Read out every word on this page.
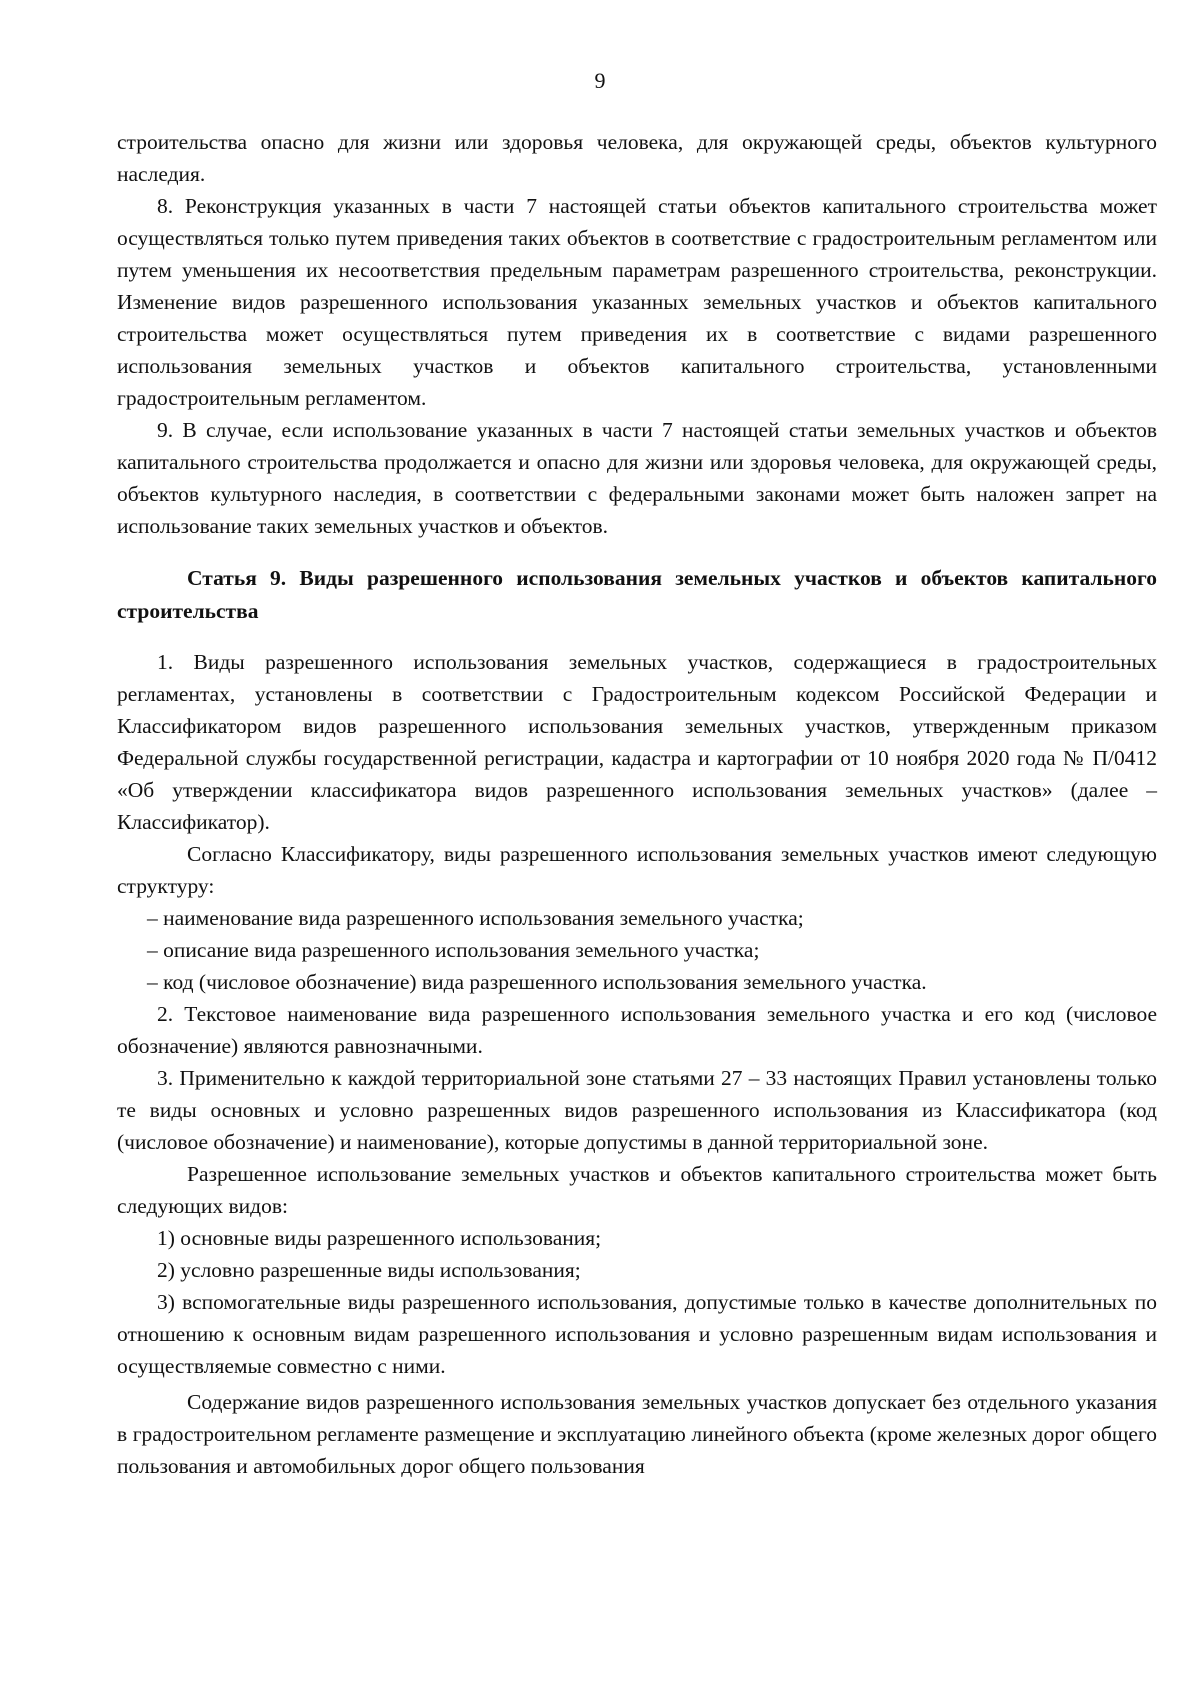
9

строительства опасно для жизни или здоровья человека, для окружающей среды, объектов культурного наследия.

8. Реконструкция указанных в части 7 настоящей статьи объектов капитального строительства может осуществляться только путем приведения таких объектов в соответствие с градостроительным регламентом или путем уменьшения их несоответствия предельным параметрам разрешенного строительства, реконструкции. Изменение видов разрешенного использования указанных земельных участков и объектов капитального строительства может осуществляться путем приведения их в соответствие с видами разрешенного использования земельных участков и объектов капитального строительства, установленными градостроительным регламентом.

9. В случае, если использование указанных в части 7 настоящей статьи земельных участков и объектов капитального строительства продолжается и опасно для жизни или здоровья человека, для окружающей среды, объектов культурного наследия, в соответствии с федеральными законами может быть наложен запрет на использование таких земельных участков и объектов.

Статья 9. Виды разрешенного использования земельных участков и объектов капитального строительства

1. Виды разрешенного использования земельных участков, содержащиеся в градостроительных регламентах, установлены в соответствии с Градостроительным кодексом Российской Федерации и Классификатором видов разрешенного использования земельных участков, утвержденным приказом Федеральной службы государственной регистрации, кадастра и картографии от 10 ноября 2020 года № П/0412 «Об утверждении классификатора видов разрешенного использования земельных участков» (далее – Классификатор).

Согласно Классификатору, виды разрешенного использования земельных участков имеют следующую структуру:

– наименование вида разрешенного использования земельного участка;

– описание вида разрешенного использования земельного участка;

– код (числовое обозначение) вида разрешенного использования земельного участка.

2. Текстовое наименование вида разрешенного использования земельного участка и его код (числовое обозначение) являются равнозначными.

3. Применительно к каждой территориальной зоне статьями 27 – 33 настоящих Правил установлены только те виды основных и условно разрешенных видов разрешенного использования из Классификатора (код (числовое обозначение) и наименование), которые допустимы в данной территориальной зоне.

Разрешенное использование земельных участков и объектов капитального строительства может быть следующих видов:

1) основные виды разрешенного использования;

2) условно разрешенные виды использования;

3) вспомогательные виды разрешенного использования, допустимые только в качестве дополнительных по отношению к основным видам разрешенного использования и условно разрешенным видам использования и осуществляемые совместно с ними.

Содержание видов разрешенного использования земельных участков допускает без отдельного указания в градостроительном регламенте размещение и эксплуатацию линейного объекта (кроме железных дорог общего пользования и автомобильных дорог общего пользования
